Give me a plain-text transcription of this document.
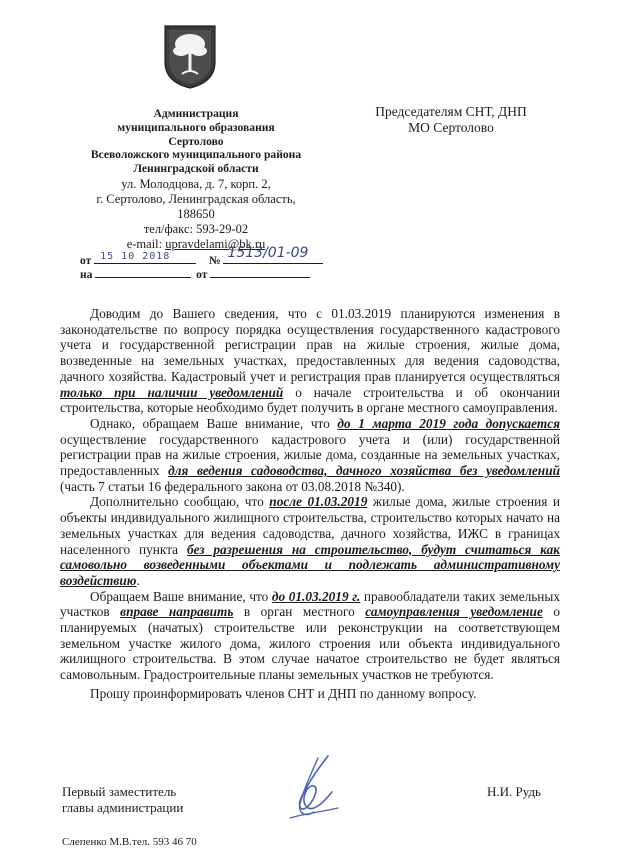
Администрация
муниципального образования
Сертолово
Всеволожского муниципального района
Ленинградской области
ул. Молодцова, д. 7, корп. 2,
г. Сертолово, Ленинградская область,
188650
тел/факс: 593-29-02
e-mail: upravdelami@bk.ru
от 15 10 2018	№ 1513/01-09
на	от
Председателям СНТ, ДНП
МО Сертолово

Доводим до Вашего сведения, что с 01.03.2019 планируются изменения в законодательстве по вопросу порядка осуществления государственного кадастрового учета и государственной регистрации прав на жилые строения, жилые дома, возведенные на земельных участках, предоставленных для ведения садоводства, дачного хозяйства. Кадастровый учет и регистрация прав планируется осуществляться только при наличии уведомлений о начале строительства и об окончании строительства, которые необходимо будет получить в органе местного самоуправления.

Однако, обращаем Ваше внимание, что до 1 марта 2019 года допускается осуществление государственного кадастрового учета и (или) государственной регистрации прав на жилые строения, жилые дома, созданные на земельных участках, предоставленных для ведения садоводства, дачного хозяйства без уведомлений (часть 7 статьи 16 федерального закона от 03.08.2018 №340).

Дополнительно сообщаю, что после 01.03.2019 жилые дома, жилые строения и объекты индивидуального жилищного строительства, строительство которых начато на земельных участках для ведения садоводства, дачного хозяйства, ИЖС в границах населенного пункта без разрешения на строительство, будут считаться как самовольно возведенными объектами и подлежать административному воздействию.

Обращаем Ваше внимание, что до 01.03.2019 г. правообладатели таких земельных участков вправе направить в орган местного самоуправления уведомление о планируемых (начатых) строительстве или реконструкции на соответствующем земельном участке жилого дома, жилого строения или объекта индивидуального жилищного строительства. В этом случае начатое строительство не будет являться самовольным. Градостроительные планы земельных участков не требуются.

Прошу проинформировать членов СНТ и ДНП по данному вопросу.

Первый заместитель
главы администрации
Н.И. Рудь
Слепенко М.В.тел. 593 46 70
